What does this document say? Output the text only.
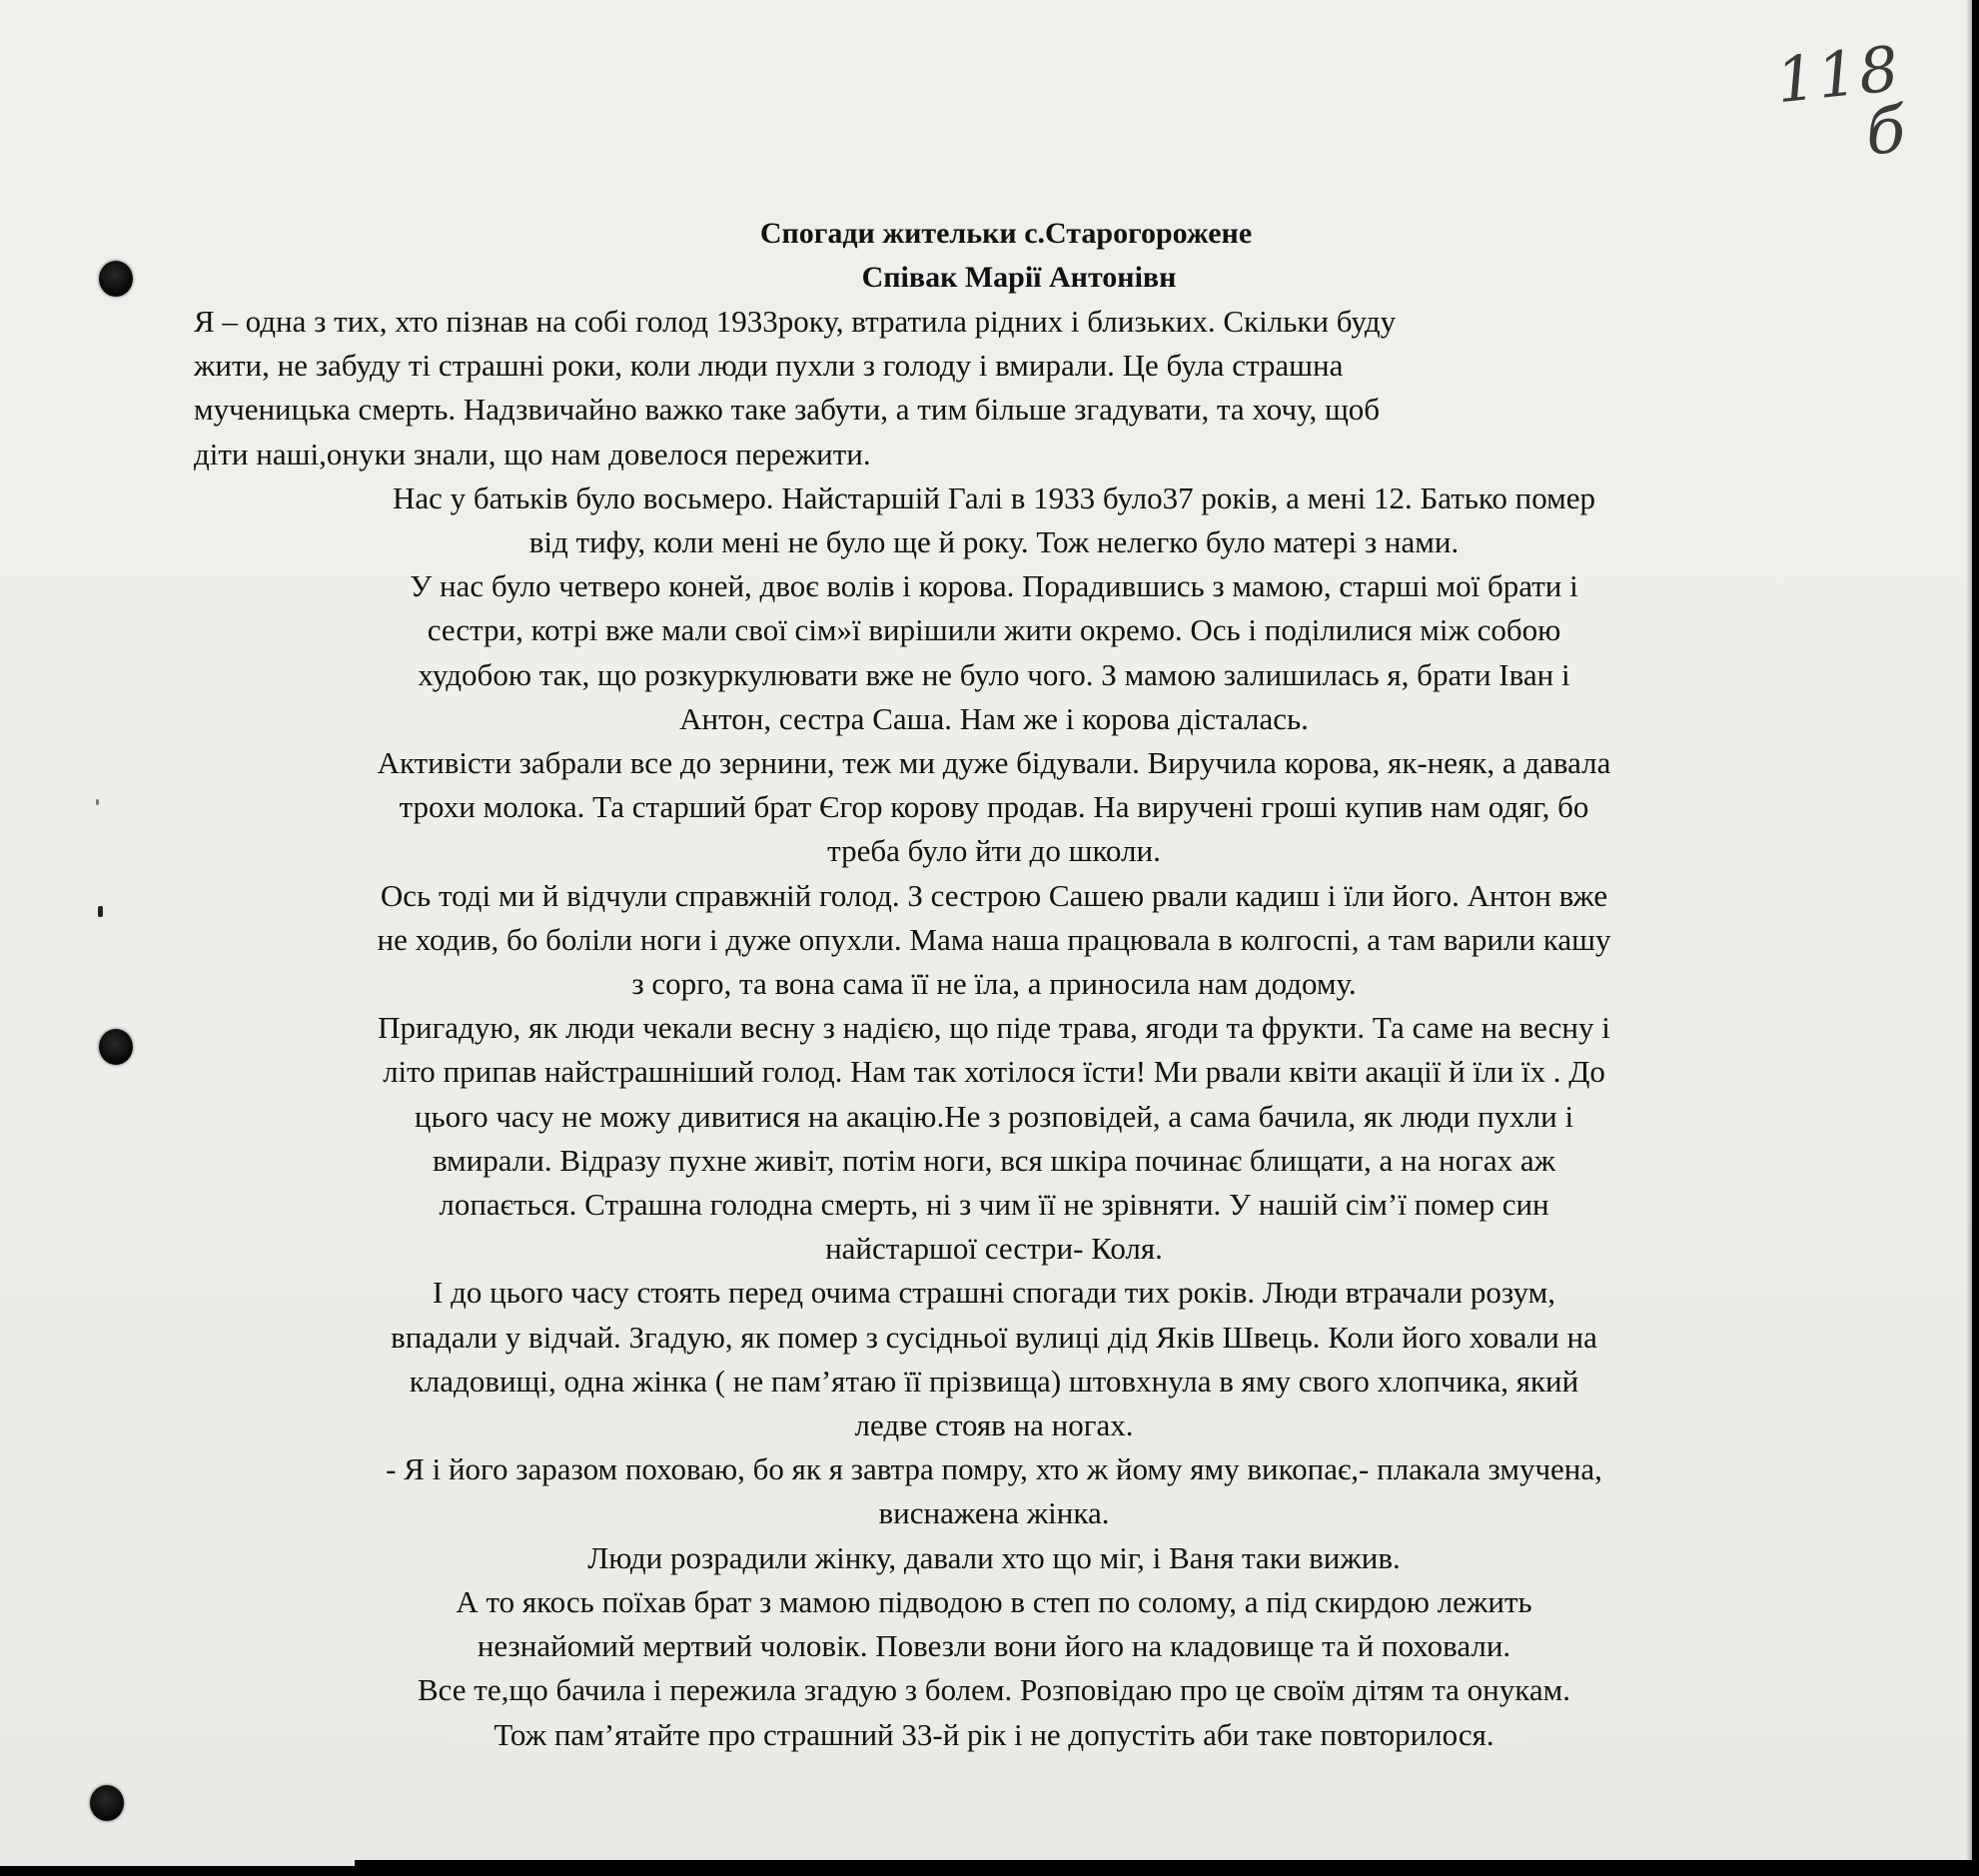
118
б

Спогади жительки с.Старогорожене

Співак Марії Антонівн

Я – одна з тих, хто пізнав на собі голод 1933року, втратила рідних і близьких. Скільки буду

жити, не забуду ті страшні роки, коли люди пухли з голоду і вмирали. Це була страшна

мученицька смерть. Надзвичайно важко таке забути, а тим більше згадувати, та хочу, щоб

діти наші,онуки знали, що нам довелося пережити.

Нас у батьків було восьмеро. Найстаршій Галі в 1933 було37 років, а мені 12. Батько помер

від тифу, коли мені не було ще й року. Тож нелегко було матері з нами.

У нас було четверо коней, двоє волів і корова. Порадившись з мамою, старші мої брати і

сестри, котрі вже мали свої сім»ї вирішили жити окремо. Ось і поділилися між собою

худобою так, що розкуркулювати вже не було чого. З мамою залишилась я, брати Іван і

Антон, сестра Саша. Нам же і корова дісталась.

Активісти забрали все до зернини, теж ми дуже бідували. Виручила корова, як-неяк, а давала

трохи молока. Та старший брат Єгор корову продав. На виручені гроші купив нам одяг, бо

треба було йти до школи.

Ось тоді ми й відчули справжній голод. З сестрою Сашею рвали кадиш і їли його. Антон вже

не ходив, бо боліли ноги і дуже опухли. Мама наша працювала в колгоспі, а там варили кашу

з сорго, та вона сама її не їла, а приносила нам додому.

Пригадую, як люди чекали весну з надією, що піде трава, ягоди та фрукти. Та саме на весну і

літо припав найстрашніший голод. Нам так хотілося їсти! Ми рвали квіти акації й їли їх . До

цього часу не можу дивитися на акацію.Не з розповідей, а сама бачила, як люди пухли і

вмирали. Відразу пухне живіт, потім ноги, вся шкіра починає блищати, а на ногах аж

лопається. Страшна голодна смерть, ні з чим її не зрівняти. У нашій сім’ї помер син

найстаршої сестри- Коля.

І до цього часу стоять перед очима страшні спогади тих років. Люди втрачали розум,

впадали у відчай. Згадую, як помер з сусідньої вулиці дід Яків Швець. Коли його ховали на

кладовищі, одна жінка ( не пам’ятаю її прізвища) штовхнула в яму свого хлопчика, який

ледве стояв на ногах.

- Я і його заразом поховаю, бо як я завтра помру, хто ж йому яму викопає,- плакала змучена,

виснажена жінка.

Люди розрадили жінку, давали хто що міг, і Ваня таки вижив.

А то якось поїхав брат з мамою підводою в степ по солому, а під скирдою лежить

незнайомий мертвий чоловік. Повезли вони його на кладовище та й поховали.

Все те,що бачила і пережила згадую з болем. Розповідаю про це своїм дітям та онукам.

Тож пам’ятайте про страшний 33-й рік і не допустіть аби таке повторилося.
